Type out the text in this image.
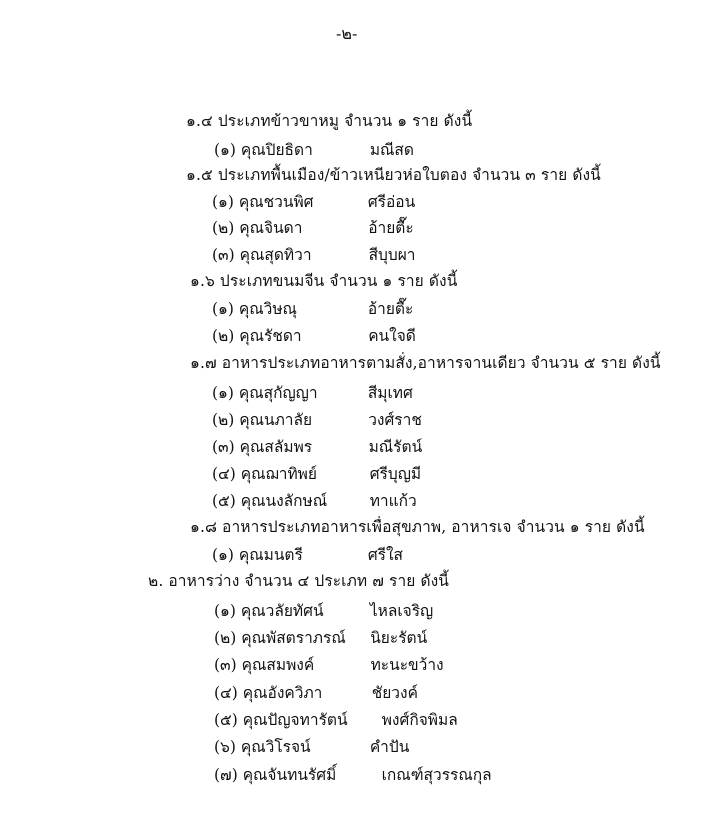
-๒-
๑.๔ ประเภทข้าวขาหมู จำนวน ๑ ราย ดังนี้
(๑) คุณปิยธิดา	มณีสด
๑.๕ ประเภทพื้นเมือง/ข้าวเหนียวห่อใบตอง จำนวน ๓ ราย ดังนี้
(๑) คุณชวนพิศ	ศรีอ่อน
(๒) คุณจินดา	อ้ายตื๊ะ
(๓) คุณสุดทิวา	สีบุบผา
๑.๖ ประเภทขนมจีน จำนวน ๑ ราย ดังนี้
(๑) คุณวิษณุ	อ้ายตื๊ะ
(๒) คุณรัชดา	คนใจดี
๑.๗ อาหารประเภทอาหารตามสั่ง,อาหารจานเดียว จำนวน ๕ ราย ดังนี้
(๑) คุณสุกัญญา	สีมุเทศ
(๒) คุณนภาลัย	วงศ์ราช
(๓) คุณสลัมพร	มณีรัตน์
(๔) คุณฌาทิพย์	ศรีบุญมี
(๕) คุณนงลักษณ์	ทาแก้ว
๑.๘ อาหารประเภทอาหารเพื่อสุขภาพ, อาหารเจ จำนวน ๑ ราย ดังนี้
(๑) คุณมนตรี	ศรีใส
๒. อาหารว่าง จำนวน ๔ ประเภท ๗ ราย ดังนี้
(๑) คุณวลัยทัศน์	ไหลเจริญ
(๒) คุณพัสตราภรณ์ นิยะรัตน์
(๓) คุณสมพงค์	ทะนะขว้าง
(๔) คุณอังควิภา	ชัยวงค์
(๕) คุณปัญจทารัตน์ พงศ์กิจพิมล
(๖) คุณวิโรจน์	คำปัน
(๗) คุณจันทนรัศมิ์	เกณฑ์สุวรรณกุล
